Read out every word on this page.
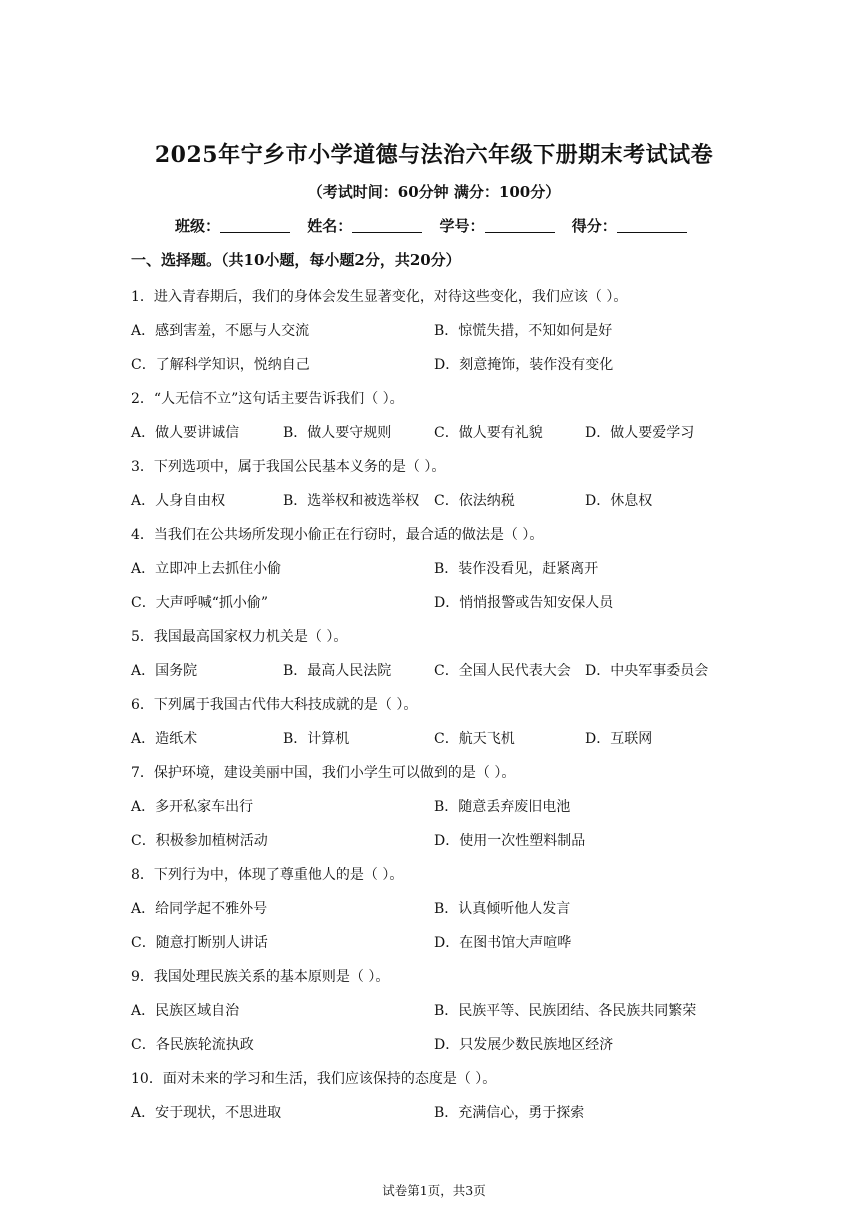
2025年宁乡市小学道德与法治六年级下册期末考试试卷
（考试时间：60分钟 满分：100分）
班级：	姓名：	学号：	得分：
一、选择题。（共10小题，每小题2分，共20分）
1．进入青春期后，我们的身体会发生显著变化，对待这些变化，我们应该（ ）。
A．感到害羞，不愿与人交流	B．惊慌失措，不知如何是好
C．了解科学知识，悦纳自己	D．刻意掩饰，装作没有变化
2．“人无信不立”这句话主要告诉我们（ ）。
A．做人要讲诚信	B．做人要守规则	C．做人要有礼貌	D．做人要爱学习
3．下列选项中，属于我国公民基本义务的是（ ）。
A．人身自由权	B．选举权和被选举权 C．依法纳税	D．休息权
4．当我们在公共场所发现小偷正在行窃时，最合适的做法是（ ）。
A．立即冲上去抓住小偷	B．装作没看见，赶紧离开
C．大声呼喊“抓小偷”	D．悄悄报警或告知安保人员
5．我国最高国家权力机关是（ ）。
A．国务院	B．最高人民法院	C．全国人民代表大会 D．中央军事委员会
6．下列属于我国古代伟大科技成就的是（ ）。
A．造纸术	B．计算机	C．航天飞机	D．互联网
7．保护环境，建设美丽中国，我们小学生可以做到的是（ ）。
A．多开私家车出行	B．随意丢弃废旧电池
C．积极参加植树活动	D．使用一次性塑料制品
8．下列行为中，体现了尊重他人的是（ ）。
A．给同学起不雅外号	B．认真倾听他人发言
C．随意打断别人讲话	D．在图书馆大声喧哗
9．我国处理民族关系的基本原则是（ ）。
A．民族区域自治	B．民族平等、民族团结、各民族共同繁荣
C．各民族轮流执政	D．只发展少数民族地区经济
10．面对未来的学习和生活，我们应该保持的态度是（ ）。
A．安于现状，不思进取	B．充满信心，勇于探索
试卷第1页，共3页
